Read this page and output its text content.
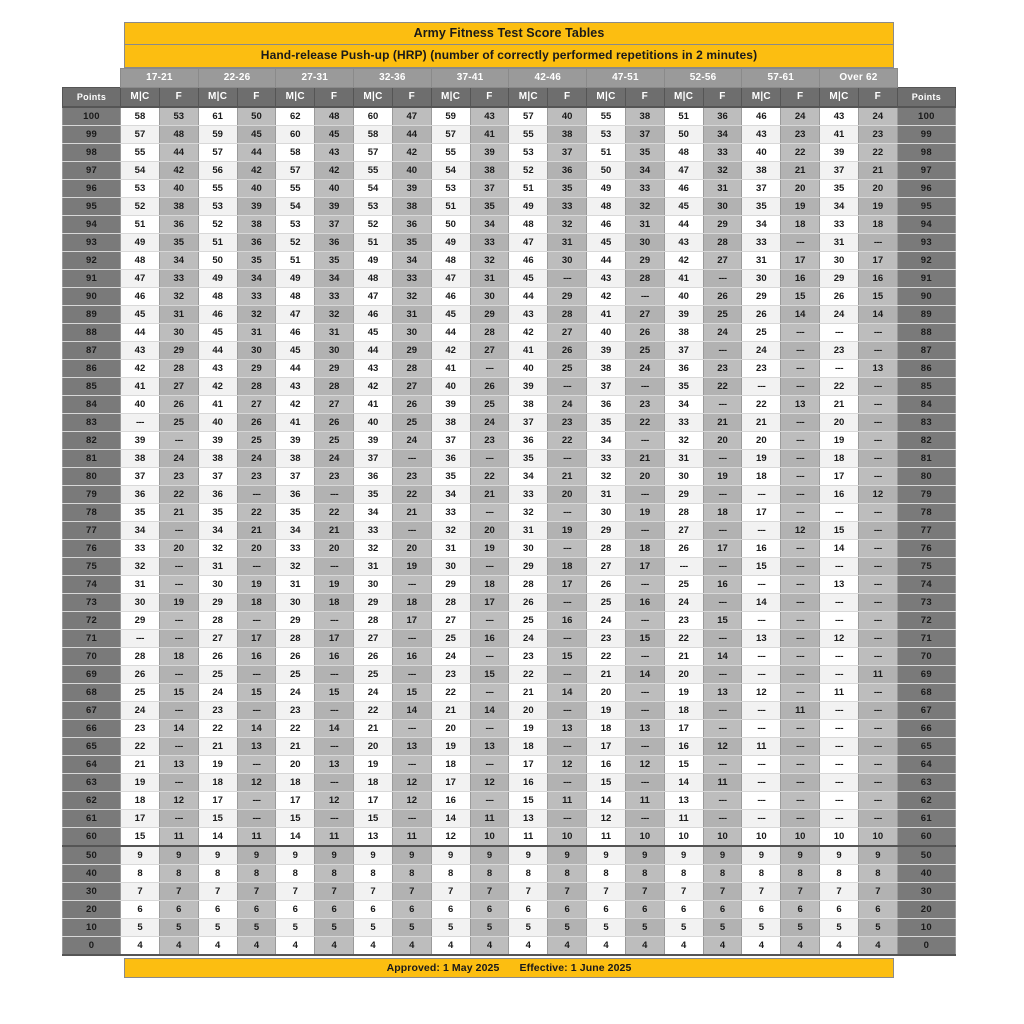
Army Fitness Test Score Tables
Hand-release Push-up (HRP) (number of correctly performed repetitions in 2 minutes)
	17-21		22-26		27-31		32-36		37-41		42-46		47-51		52-56		57-61		Over 62		
Points	M|C	F	M|C	F	M|C	F	M|C	F	M|C	F	M|C	F	M|C	F	M|C	F	M|C	F	M|C	F	Points
100	58	53	61	50	62	48	60	47	59	43	57	40	55	38	51	36	46	24	43	24	100
99	57	48	59	45	60	45	58	44	57	41	55	38	53	37	50	34	43	23	41	23	99
98	55	44	57	44	58	43	57	42	55	39	53	37	51	35	48	33	40	22	39	22	98
97	54	42	56	42	57	42	55	40	54	38	52	36	50	34	47	32	38	21	37	21	97
96	53	40	55	40	55	40	54	39	53	37	51	35	49	33	46	31	37	20	35	20	96
95	52	38	53	39	54	39	53	38	51	35	49	33	48	32	45	30	35	19	34	19	95
94	51	36	52	38	53	37	52	36	50	34	48	32	46	31	44	29	34	18	33	18	94
93	49	35	51	36	52	36	51	35	49	33	47	31	45	30	43	28	33	---	31	---	93
92	48	34	50	35	51	35	49	34	48	32	46	30	44	29	42	27	31	17	30	17	92
91	47	33	49	34	49	34	48	33	47	31	45	---	43	28	41	---	30	16	29	16	91
90	46	32	48	33	48	33	47	32	46	30	44	29	42	---	40	26	29	15	26	15	90
89	45	31	46	32	47	32	46	31	45	29	43	28	41	27	39	25	26	14	24	14	89
88	44	30	45	31	46	31	45	30	44	28	42	27	40	26	38	24	25	---	---	---	88
87	43	29	44	30	45	30	44	29	42	27	41	26	39	25	37	---	24	---	23	---	87
86	42	28	43	29	44	29	43	28	41	---	40	25	38	24	36	23	23	---	---	13	86
85	41	27	42	28	43	28	42	27	40	26	39	---	37	---	35	22	---	---	22	---	85
84	40	26	41	27	42	27	41	26	39	25	38	24	36	23	34	---	22	13	21	---	84
83	---	25	40	26	41	26	40	25	38	24	37	23	35	22	33	21	21	---	20	---	83
82	39	---	39	25	39	25	39	24	37	23	36	22	34	---	32	20	20	---	19	---	82
81	38	24	38	24	38	24	37	---	36	---	35	---	33	21	31	---	19	---	18	---	81
80	37	23	37	23	37	23	36	23	35	22	34	21	32	20	30	19	18	---	17	---	80
79	36	22	36	---	36	---	35	22	34	21	33	20	31	---	29	---	---	---	16	12	79
78	35	21	35	22	35	22	34	21	33	---	32	---	30	19	28	18	17	---	---	---	78
77	34	---	34	21	34	21	33	---	32	20	31	19	29	---	27	---	---	12	15	---	77
76	33	20	32	20	33	20	32	20	31	19	30	---	28	18	26	17	16	---	14	---	76
75	32	---	31	---	32	---	31	19	30	---	29	18	27	17	---	---	15	---	---	---	75
74	31	---	30	19	31	19	30	---	29	18	28	17	26	---	25	16	---	---	13	---	74
73	30	19	29	18	30	18	29	18	28	17	26	---	25	16	24	---	14	---	---	---	73
72	29	---	28	---	29	---	28	17	27	---	25	16	24	---	23	15	---	---	---	---	72
71	---	---	27	17	28	17	27	---	25	16	24	---	23	15	22	---	13	---	12	---	71
70	28	18	26	16	26	16	26	16	24	---	23	15	22	---	21	14	---	---	---	---	70
69	26	---	25	---	25	---	25	---	23	15	22	---	21	14	20	---	---	---	---	11	69
68	25	15	24	15	24	15	24	15	22	---	21	14	20	---	19	13	12	---	11	---	68
67	24	---	23	---	23	---	22	14	21	14	20	---	19	---	18	---	---	11	---	---	67
66	23	14	22	14	22	14	21	---	20	---	19	13	18	13	17	---	---	---	---	---	66
65	22	---	21	13	21	---	20	13	19	13	18	---	17	---	16	12	11	---	---	---	65
64	21	13	19	---	20	13	19	---	18	---	17	12	16	12	15	---	---	---	---	---	64
63	19	---	18	12	18	---	18	12	17	12	16	---	15	---	14	11	---	---	---	---	63
62	18	12	17	---	17	12	17	12	16	---	15	11	14	11	13	---	---	---	---	---	62
61	17	---	15	---	15	---	15	---	14	11	13	---	12	---	11	---	---	---	---	---	61
60	15	11	14	11	14	11	13	11	12	10	11	10	11	10	10	10	10	10	10	10	60
50	9	9	9	9	9	9	9	9	9	9	9	9	9	9	9	9	9	9	9	9	50
40	8	8	8	8	8	8	8	8	8	8	8	8	8	8	8	8	8	8	8	8	40
30	7	7	7	7	7	7	7	7	7	7	7	7	7	7	7	7	7	7	7	7	30
20	6	6	6	6	6	6	6	6	6	6	6	6	6	6	6	6	6	6	6	6	20
10	5	5	5	5	5	5	5	5	5	5	5	5	5	5	5	5	5	5	5	5	10
0	4	4	4	4	4	4	4	4	4	4	4	4	4	4	4	4	4	4	4	4	0
Approved: 1 May 2025 Effective: 1 June 2025
